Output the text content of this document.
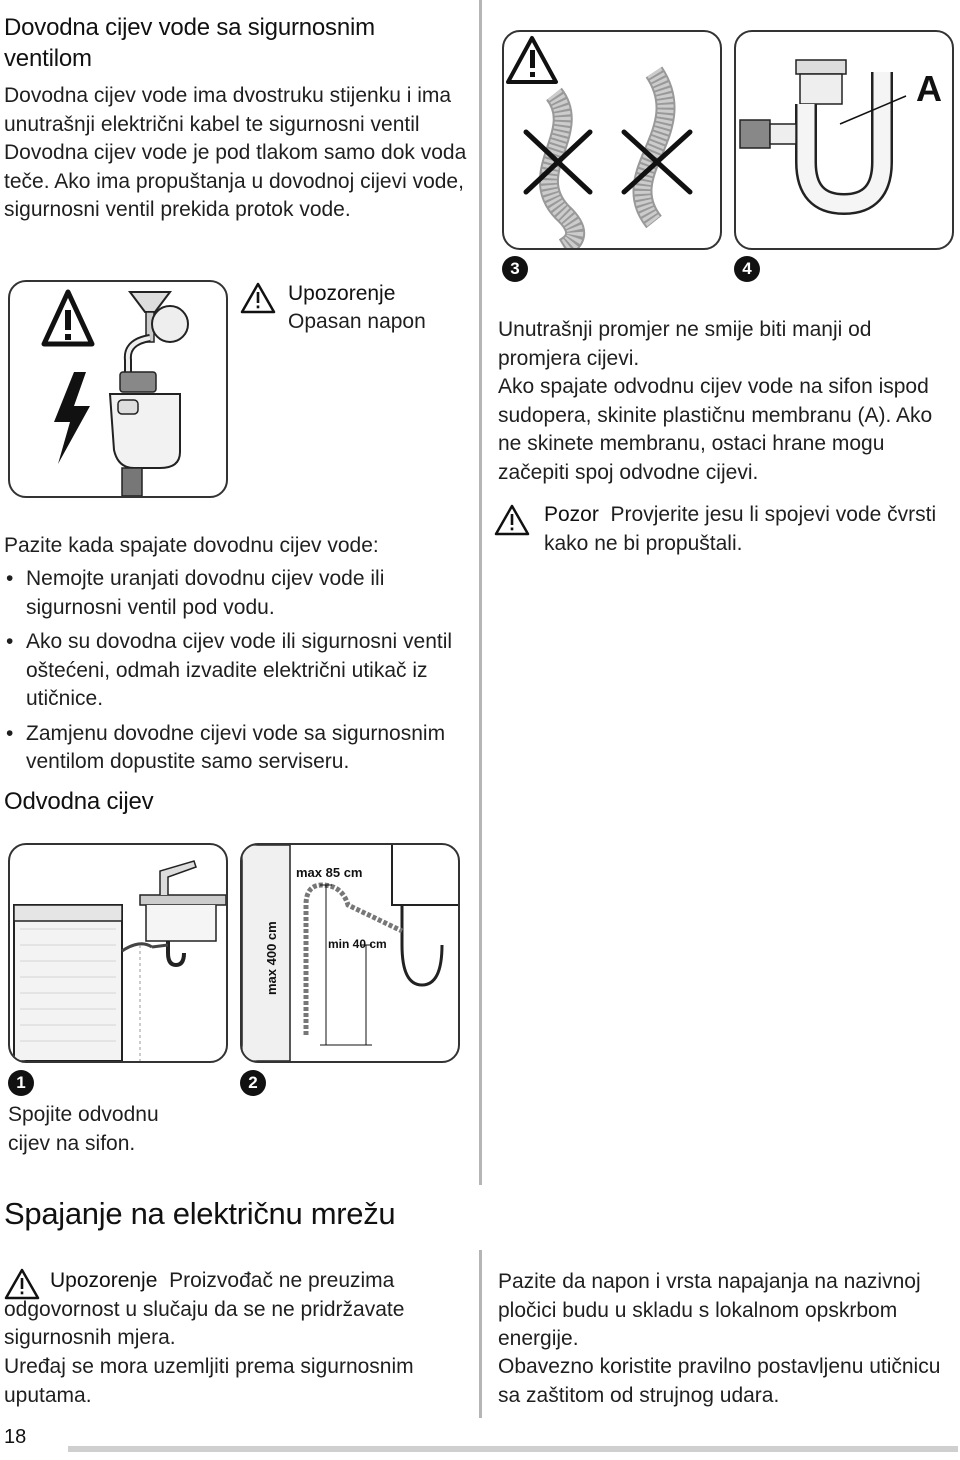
Dovodna cijev vode sa sigurnosnim ventilom

Dovodna cijev vode ima dvostruku stijenku i ima unutrašnji električni kabel te sigurnosni ventil Dovodna cijev vode je pod tlakom samo dok voda teče. Ako ima propuštanja u dovodnoj cijevi vode, sigurnosni ventil prekida protok vode.

Upozorenje
Opasan napon
Pazite kada spajate dovodnu cijev vode:
• Nemojte uranjati dovodnu cijev vode ili sigurnosni ventil pod vodu.
• Ako su dovodna cijev vode ili sigurnosni ventil oštećeni, odmah izvadite električni utikač iz utičnice.
• Zamjenu dovodne cijevi vode sa sigurnosnim ventilom dopustite samo serviseru.
Odvodna cijev
max 85 cm
min 40 cm
max 400 cm
1	2

Spojite odvodnu cijev na sifon.

A
3	4

Unutrašnji promjer ne smije biti manji od promjera cijevi.

Ako spajate odvodnu cijev vode na sifon ispod sudopera, skinite plastičnu membranu (A). Ako ne skinete membranu, ostaci hrane mogu začepiti spoj odvodne cijevi.

Pozor Provjerite jesu li spojevi vode čvrsti kako ne bi propuštali.

Spajanje na električnu mrežu

Upozorenje Proizvođač ne preuzima odgovornost u slučaju da se ne pridržavate sigurnosnih mjera.

Uređaj se mora uzemljiti prema sigurnosnim uputama.

Pazite da napon i vrsta napajanja na nazivnoj pločici budu u skladu s lokalnom opskrbom energije.

Obavezno koristite pravilno postavljenu utičnicu sa zaštitom od strujnog udara.

18
